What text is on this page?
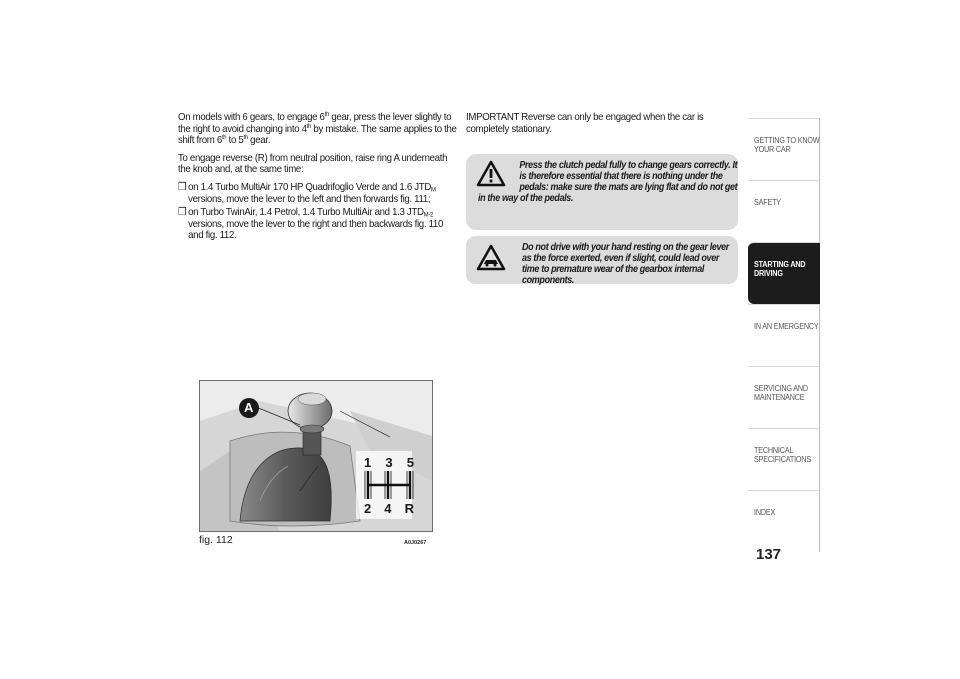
On models with 6 gears, to engage 6th gear, press the lever slightly to the right to avoid changing into 4th by mistake. The same applies to the shift from 6th to 5th gear.

To engage reverse (R) from neutral position, raise ring A underneath the knob and, at the same time:

❒ on 1.4 Turbo MultiAir 170 HP Quadrifoglio Verde and 1.6 JTDM versions, move the lever to the left and then forwards fig. 111;
❒ on Turbo TwinAir, 1.4 Petrol, 1.4 Turbo MultiAir and 1.3 JTDM-2 versions, move the lever to the right and then backwards fig. 110 and fig. 112.

IMPORTANT Reverse can only be engaged when the car is completely stationary.

Press the clutch pedal fully to change gears correctly. It is therefore essential that there is nothing under the pedals: make sure the mats are lying flat and do not get in the way of the pedals.
Do not drive with your hand resting on the gear lever as the force exerted, even if slight, could lead over time to premature wear of the gearbox internal components.
A
1 3 5
2 4 R
fig. 112	A0J0267
GETTING TO KNOW YOUR CAR
SAFETY
STARTING AND DRIVING
IN AN EMERGENCY
SERVICING AND MAINTENANCE
TECHNICAL SPECIFICATIONS
INDEX
137
